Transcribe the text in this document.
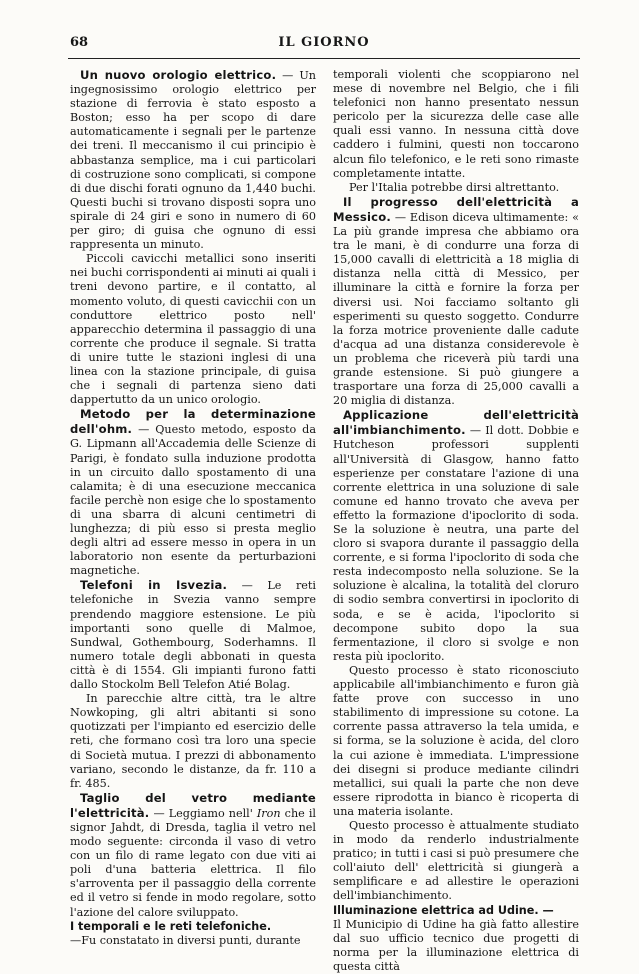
68	IL GIORNO

Un nuovo orologio elettrico. — Un ingegnosissimo orologio elettrico per stazione di ferrovia è stato esposto a Boston; esso ha per scopo di dare automaticamente i segnali per le partenze dei treni. Il meccanismo il cui principio è abbastanza semplice, ma i cui particolari di costruzione sono complicati, si compone di due dischi forati ognuno da 1,440 buchi. Questi buchi si trovano disposti sopra uno spirale di 24 giri e sono in numero di 60 per giro; di guisa che ognuno di essi rappresenta un minuto.

Piccoli cavicchi metallici sono inseriti nei buchi corrispondenti ai minuti ai quali i treni devono partire, e il contatto, al momento voluto, di questi cavicchii con un conduttore elettrico posto nell' apparecchio determina il passaggio di una corrente che produce il segnale. Si tratta di unire tutte le stazioni inglesi di una linea con la stazione principale, di guisa che i segnali di partenza sieno dati dappertutto da un unico orologio.

Metodo per la determinazione dell'ohm. — Questo metodo, esposto da G. Lipmann all'Accademia delle Scienze di Parigi, è fondato sulla induzione prodotta in un circuito dallo spostamento di una calamita; è di una esecuzione meccanica facile perchè non esige che lo spostamento di una sbarra di alcuni centimetri di lunghezza; di più esso si presta meglio degli altri ad essere messo in opera in un laboratorio non esente da perturbazioni magnetiche.

Telefoni in Isvezia. — Le reti telefoniche in Svezia vanno sempre prendendo maggiore estensione. Le più importanti sono quelle di Malmoe, Sundwal, Gothembourg, Soderhamns. Il numero totale degli abbonati in questa città è di 1554. Gli impianti furono fatti dallo Stockolm Bell Telefon Atié Bolag.

In parecchie altre città, tra le altre Nowkoping, gli altri abitanti si sono quotizzati per l'impianto ed esercizio delle reti, che formano così tra loro una specie di Società mutua. I prezzi di abbonamento variano, secondo le distanze, da fr. 110 a fr. 485.

Taglio del vetro mediante l'elettricità. — Leggiamo nell' Iron che il signor Jahdt, di Dresda, taglia il vetro nel modo seguente: circonda il vaso di vetro con un filo di rame legato con due viti ai poli d'una batteria elettrica. Il filo s'arroventa per il passaggio della corrente ed il vetro si fende in modo regolare, sotto l'azione del calore sviluppato.

I temporali e le reti telefoniche.

—Fu constatato in diversi punti, durante

temporali violenti che scoppiarono nel mese di novembre nel Belgio, che i fili telefonici non hanno presentato nessun pericolo per la sicurezza delle case alle quali essi vanno. In nessuna città dove caddero i fulmini, questi non toccarono alcun filo telefonico, e le reti sono rimaste completamente intatte.

Per l'Italia potrebbe dirsi altrettanto.

Il progresso dell'elettricità a Messico. — Edison diceva ultimamente: « La più grande impresa che abbiamo ora tra le mani, è di condurre una forza di 15,000 cavalli di elettricità a 18 miglia di distanza nella città di Messico, per illuminare la città e fornire la forza per diversi usi. Noi facciamo soltanto gli esperimenti su questo soggetto. Condurre la forza motrice proveniente dalle cadute d'acqua ad una distanza considerevole è un problema che riceverà più tardi una grande estensione. Si può giungere a trasportare una forza di 25,000 cavalli a 20 miglia di distanza.

Applicazione dell'elettricità all'imbianchimento. — Il dott. Dobbie e Hutcheson professori supplenti all'Università di Glasgow, hanno fatto esperienze per constatare l'azione di una corrente elettrica in una soluzione di sale comune ed hanno trovato che aveva per effetto la formazione d'ipoclorito di soda. Se la soluzione è neutra, una parte del cloro si svapora durante il passaggio della corrente, e si forma l'ipoclorito di soda che resta indecomposto nella soluzione. Se la soluzione è alcalina, la totalità del cloruro di sodio sembra convertirsi in ipoclorito di soda, e se è acida, l'ipoclorito si decompone subito dopo la sua fermentazione, il cloro si svolge e non resta più ipoclorito.

Questo processo è stato riconosciuto applicabile all'imbianchimento e furon già fatte prove con successo in uno stabilimento di impressione su cotone. La corrente passa attraverso la tela umida, e si forma, se la soluzione è acida, del cloro la cui azione è immediata. L'impressione dei disegni si produce mediante cilindri metallici, sui quali la parte che non deve essere riprodotta in bianco è ricoperta di una materia isolante.

Questo processo è attualmente studiato in modo da renderlo industrialmente pratico; in tutti i casi si può presumere che coll'aiuto dell' elettricità si giungerà a semplificare e ad allestire le operazioni dell'imbianchimento.

Illuminazione elettrica ad Udine. —

Il Municipio di Udine ha già fatto allestire dal suo ufficio tecnico due progetti di norma per la illuminazione elettrica di questa città
